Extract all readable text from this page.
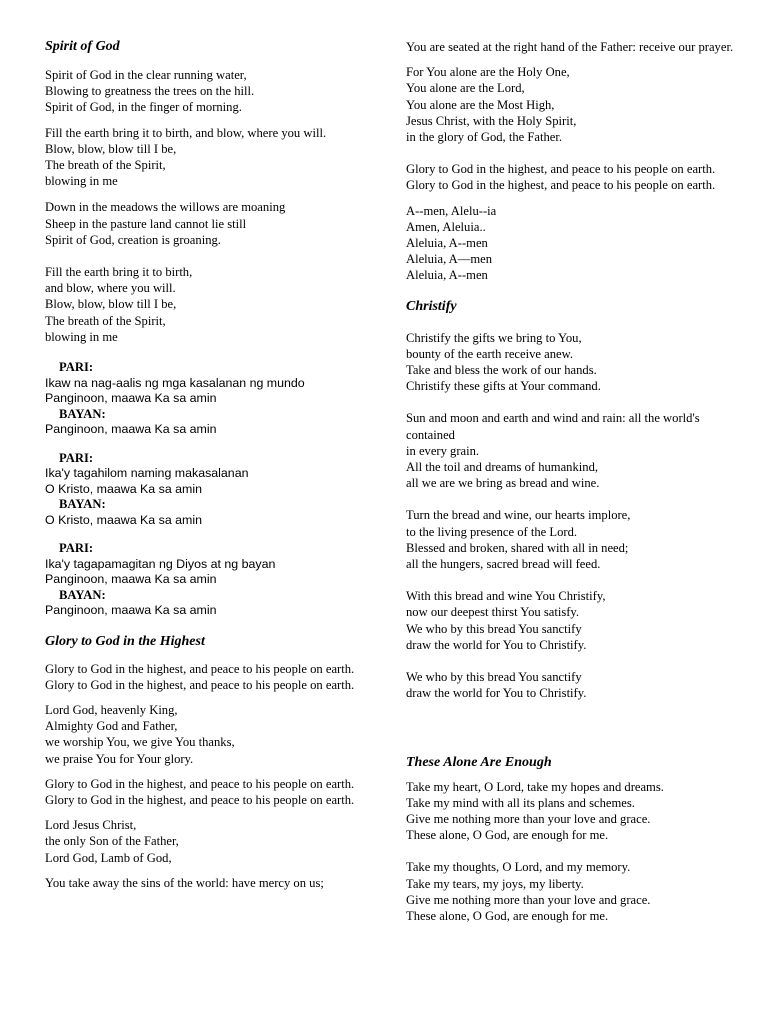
Spirit of God
Spirit of God in the clear running water,
Blowing to greatness the trees on the hill.
Spirit of God, in the finger of morning.
Fill the earth bring it to birth, and blow, where you will.
Blow, blow, blow till I be,
The breath of the Spirit,
blowing in me
Down in the meadows the willows are moaning
Sheep in the pasture land cannot lie still
Spirit of God, creation is groaning.
Fill the earth bring it to birth,
and blow, where you will.
Blow, blow, blow till I be,
The breath of the Spirit,
blowing in me
PARI:
Ikaw na nag-aalis ng mga kasalanan ng mundo
Panginoon, maawa Ka sa amin
BAYAN:
Panginoon, maawa Ka sa amin
PARI:
Ika'y tagahilom naming makasalanan
O Kristo, maawa Ka sa amin
BAYAN:
O Kristo, maawa Ka sa amin
PARI:
Ika'y tagapamagitan ng Diyos at ng bayan
Panginoon, maawa Ka sa amin
BAYAN:
Panginoon, maawa Ka sa amin
Glory to God in the Highest
Glory to God in the highest, and peace to his people on earth. Glory to God in the highest, and peace to his people on earth.
Lord God, heavenly King,
Almighty God and Father,
we worship You, we give You thanks,
we praise You for Your glory.
Glory to God in the highest, and peace to his people on earth. Glory to God in the highest, and peace to his people on earth.
Lord Jesus Christ,
the only Son of the Father,
Lord God, Lamb of God,
You take away the sins of the world: have mercy on us;
You are seated at the right hand of the Father: receive our prayer.
For You alone are the Holy One,
You alone are the Lord,
You alone are the Most High,
Jesus Christ, with the Holy Spirit,
in the glory of God, the Father.
Glory to God in the highest, and peace to his people on earth. Glory to God in the highest, and peace to his people on earth.
A--men, Alelu--ia
Amen, Aleluia..
Aleluia, A--men
Aleluia, A—men
Aleluia, A--men
Christify
Christify the gifts we bring to You,
bounty of the earth receive anew.
Take and bless the work of our hands.
Christify these gifts at Your command.
Sun and moon and earth and wind and rain: all the world's contained
in every grain.
All the toil and dreams of humankind,
all we are we bring as bread and wine.
Turn the bread and wine, our hearts implore,
to the living presence of the Lord.
Blessed and broken, shared with all in need;
all the hungers, sacred bread will feed.
With this bread and wine You Christify,
now our deepest thirst You satisfy.
We who by this bread You sanctify
draw the world for You to Christify.
We who by this bread You sanctify
draw the world for You to Christify.
These Alone Are Enough
Take my heart, O Lord, take my hopes and dreams.
Take my mind with all its plans and schemes.
Give me nothing more than your love and grace.
These alone, O God, are enough for me.
Take my thoughts, O Lord, and my memory.
Take my tears, my joys, my liberty.
Give me nothing more than your love and grace.
These alone, O God, are enough for me.
